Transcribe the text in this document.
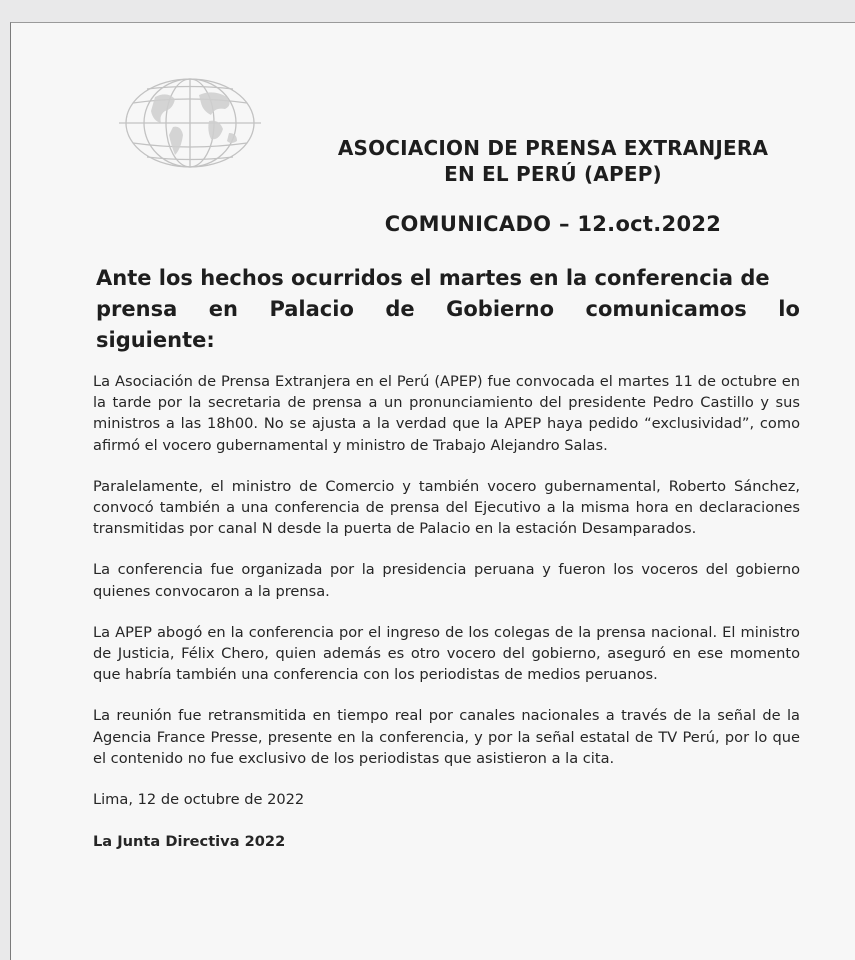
ASOCIACION DE PRENSA EXTRANJERA
EN EL PERÚ (APEP)
COMUNICADO – 12.oct.2022
Ante los hechos ocurridos el martes en la conferencia de
prensa en Palacio de Gobierno comunicamos lo
siguiente:

La Asociación de Prensa Extranjera en el Perú (APEP) fue convocada el martes 11 de octubre en la tarde por la secretaria de prensa a un pronunciamiento del presidente Pedro Castillo y sus ministros a las 18h00. No se ajusta a la verdad que la APEP haya pedido “exclusividad”, como afirmó el vocero gubernamental y ministro de Trabajo Alejandro Salas.

Paralelamente, el ministro de Comercio y también vocero gubernamental, Roberto Sánchez, convocó también a una conferencia de prensa del Ejecutivo a la misma hora en declaraciones transmitidas por canal N desde la puerta de Palacio en la estación Desamparados.

La conferencia fue organizada por la presidencia peruana y fueron los voceros del gobierno quienes convocaron a la prensa.

La APEP abogó en la conferencia por el ingreso de los colegas de la prensa nacional. El ministro de Justicia, Félix Chero, quien además es otro vocero del gobierno, aseguró en ese momento que habría también una conferencia con los periodistas de medios peruanos.

La reunión fue retransmitida en tiempo real por canales nacionales a través de la señal de la Agencia France Presse, presente en la conferencia, y por la señal estatal de TV Perú, por lo que el contenido no fue exclusivo de los periodistas que asistieron a la cita.

Lima, 12 de octubre de 2022

La Junta Directiva 2022
